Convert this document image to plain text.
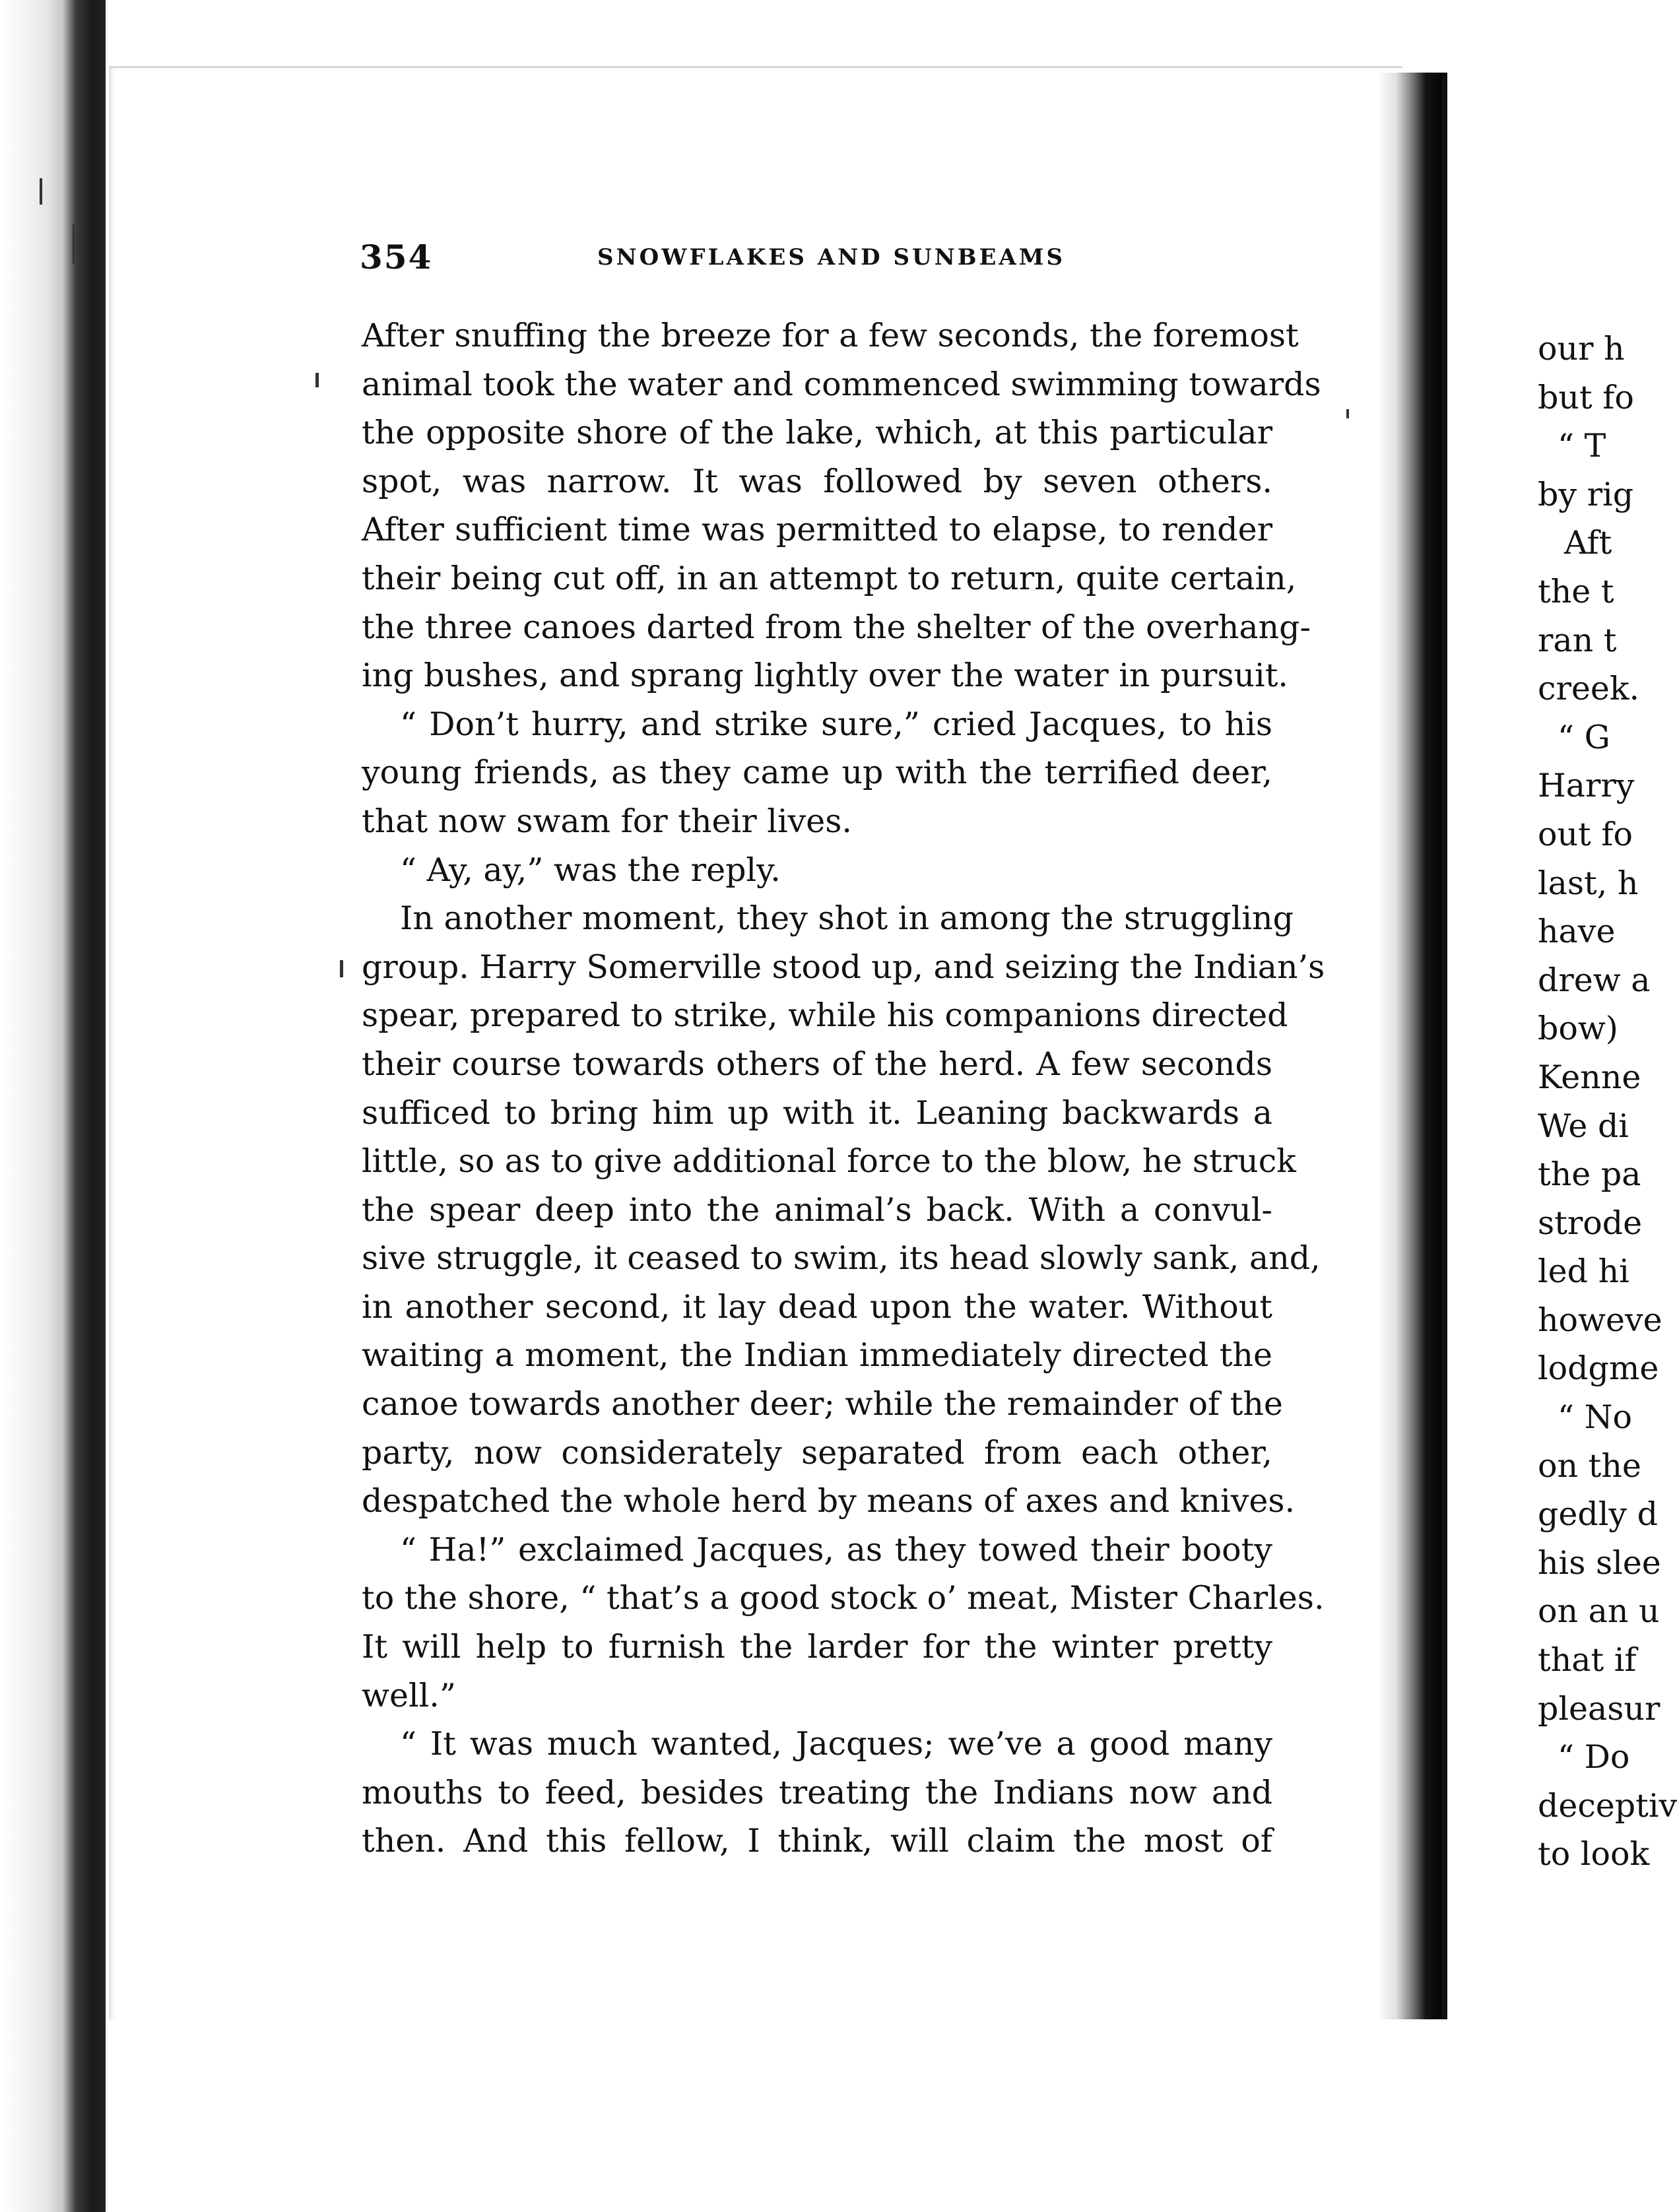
354	SNOWFLAKES AND SUNBEAMS
After snuffing the breeze for a few seconds, the foremost
animal took the water and commenced swimming towards
the opposite shore of the lake, which, at this particular
spot, was narrow. It was followed by seven others.
After sufficient time was permitted to elapse, to render
their being cut off, in an attempt to return, quite certain,
the three canoes darted from the shelter of the overhang-
ing bushes, and sprang lightly over the water in pursuit.
“ Don’t hurry, and strike sure,” cried Jacques, to his
young friends, as they came up with the terrified deer,
that now swam for their lives.
“ Ay, ay,” was the reply.
In another moment, they shot in among the struggling
group. Harry Somerville stood up, and seizing the Indian’s
spear, prepared to strike, while his companions directed
their course towards others of the herd. A few seconds
sufficed to bring him up with it. Leaning backwards a
little, so as to give additional force to the blow, he struck
the spear deep into the animal’s back. With a convul-
sive struggle, it ceased to swim, its head slowly sank, and,
in another second, it lay dead upon the water. Without
waiting a moment, the Indian immediately directed the
canoe towards another deer; while the remainder of the
party, now considerately separated from each other,
despatched the whole herd by means of axes and knives.
“ Ha!” exclaimed Jacques, as they towed their booty
to the shore, “ that’s a good stock o’ meat, Mister Charles.
It will help to furnish the larder for the winter pretty
well.”
“ It was much wanted, Jacques; we’ve a good many
mouths to feed, besides treating the Indians now and
then. And this fellow, I think, will claim the most of
our h
but fo
“ T
by rig
Aft
the t
ran t
creek.
“ G
Harry
out fo
last, h
have
drew a
bow)
Kenne
We di
the pa
strode
led hi
howeve
lodgme
“ No
on the
gedly d
his slee
on an u
that if
pleasur
“ Do
deceptiv
to look
